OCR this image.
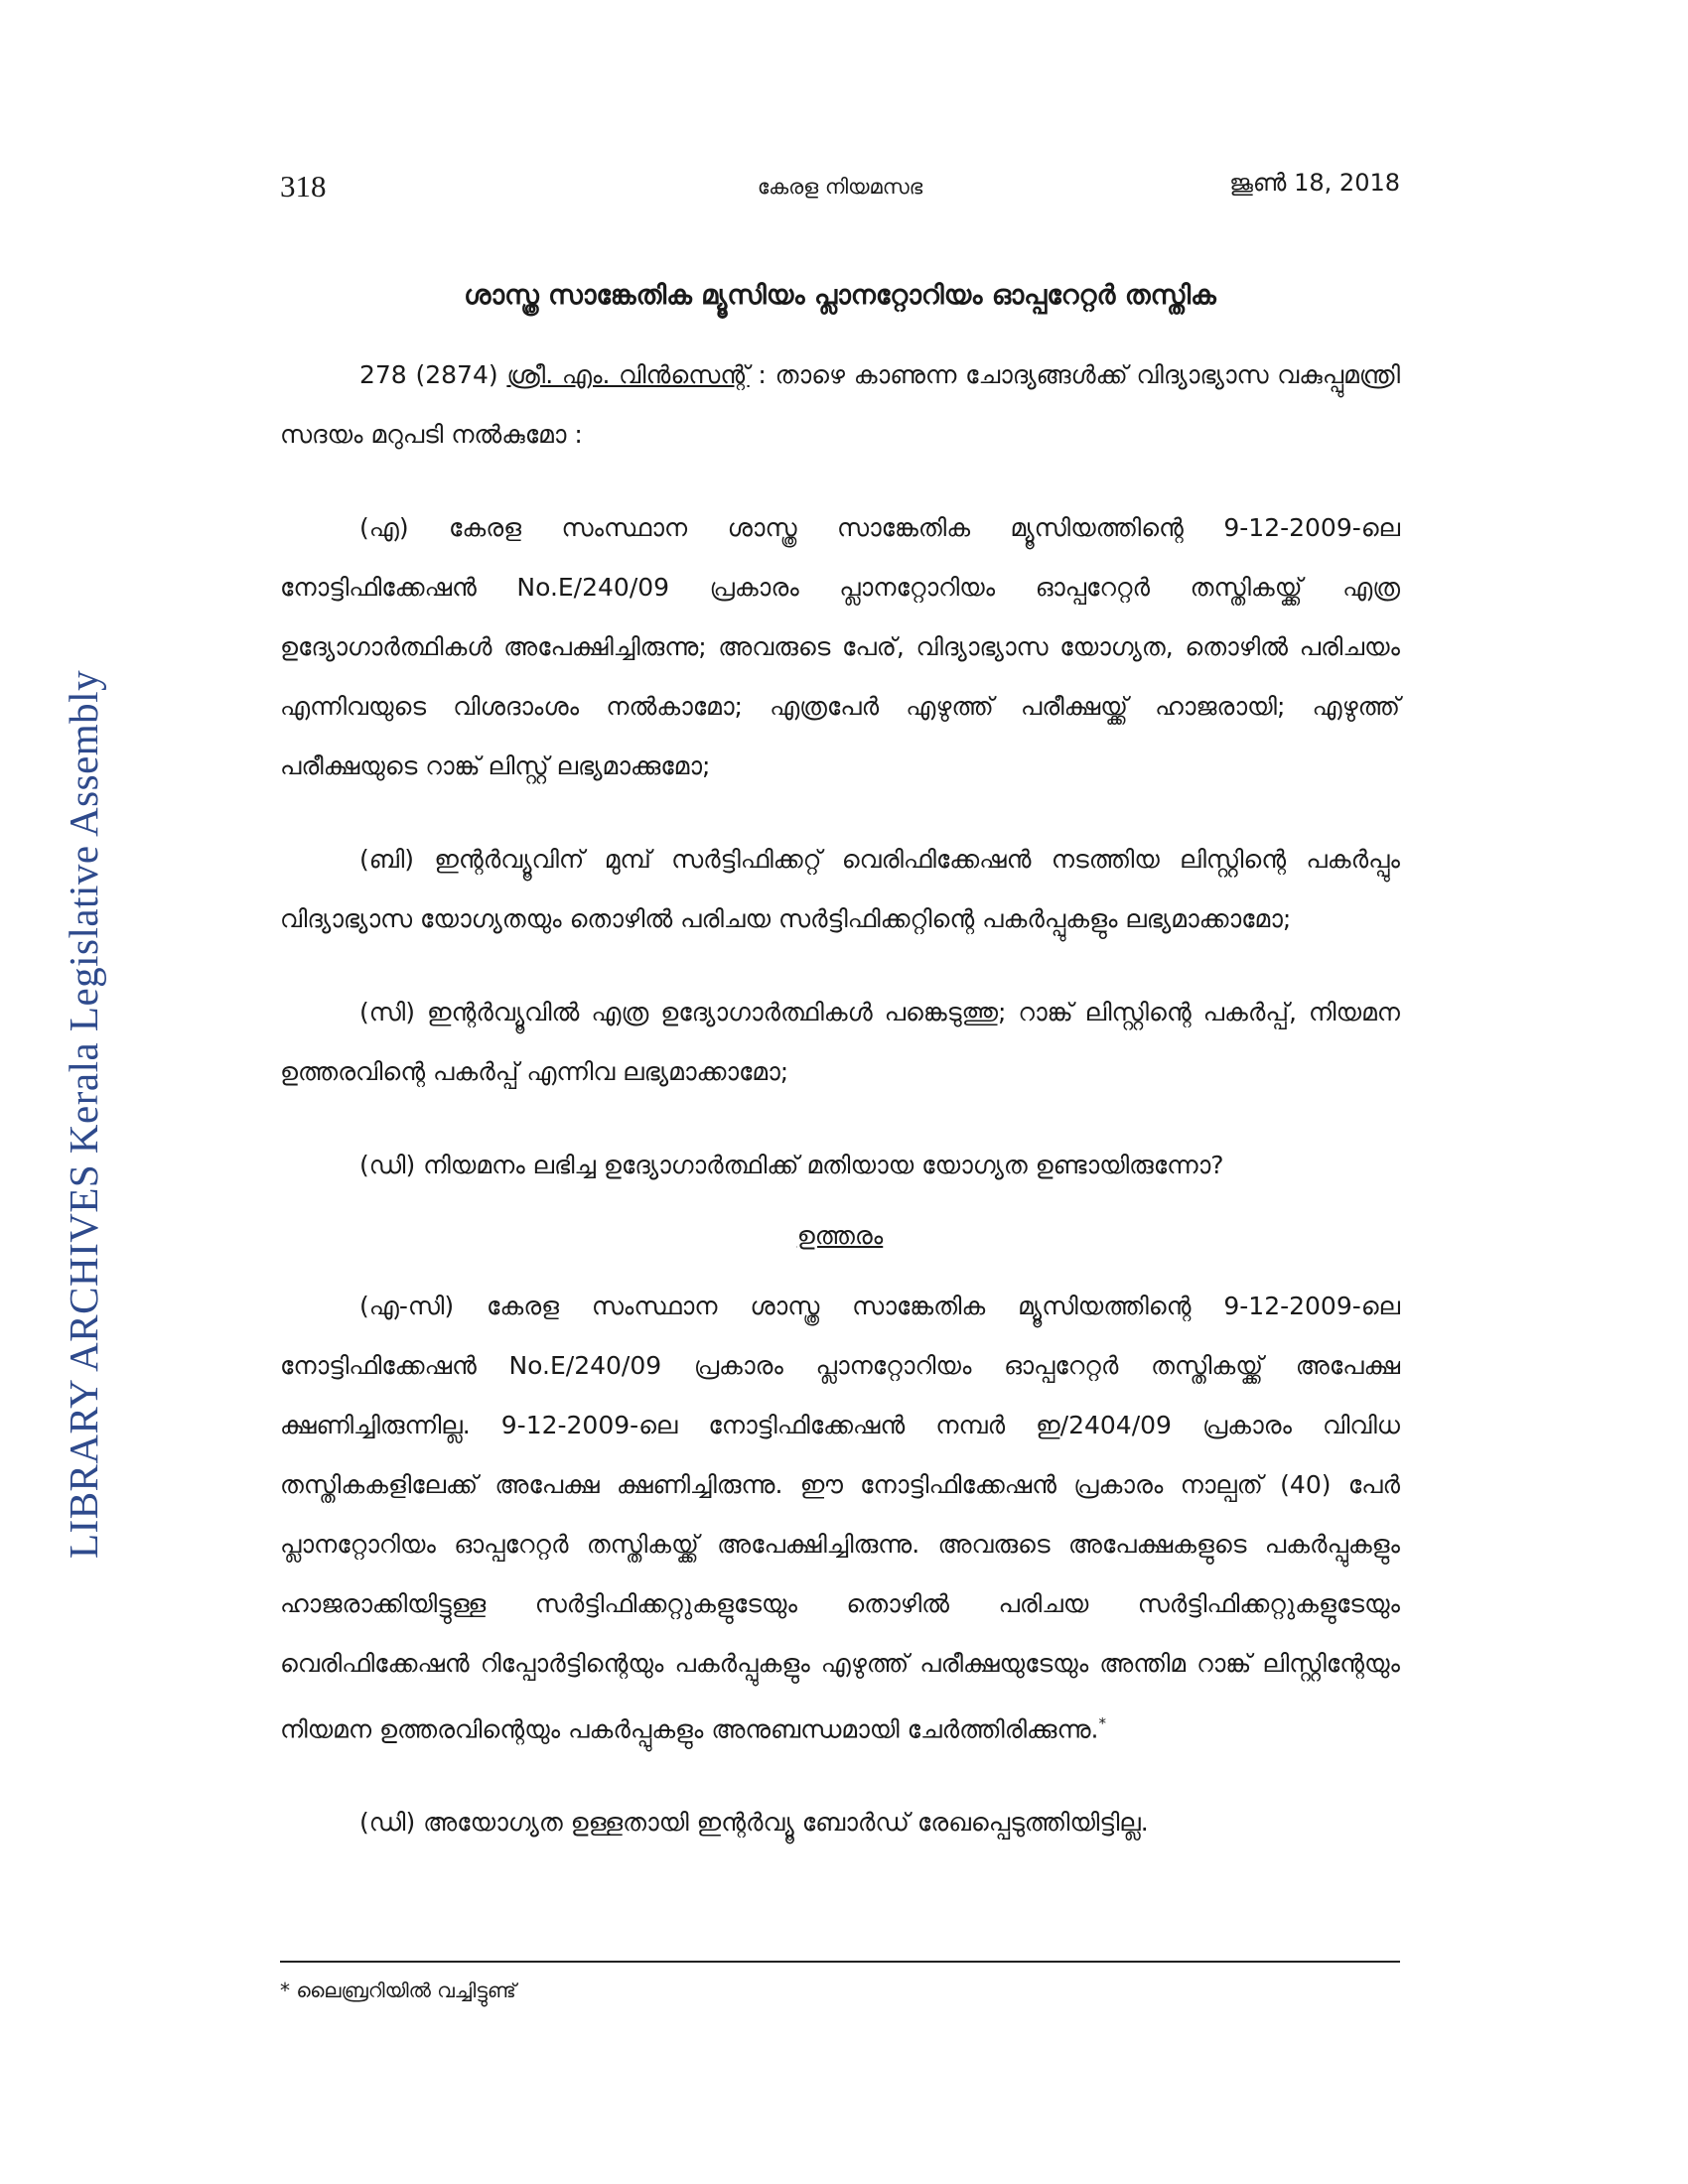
LIBRARY ARCHIVES Kerala Legislative Assembly
318	കേരള നിയമസഭ	ജൂൺ 18, 2018
ശാസ്ത്ര സാങ്കേതിക മ്യൂസിയം പ്ലാനറ്റോറിയം ഓപ്പറേറ്റർ തസ്തിക

278 (2874) ശ്രീ. എം. വിൻസെന്റ് : താഴെ കാണുന്ന ചോദ്യങ്ങൾക്ക് വിദ്യാഭ്യാസ വകുപ്പുമന്ത്രി സദയം മറുപടി നൽകുമോ :

(എ) കേരള സംസ്ഥാന ശാസ്ത്ര സാങ്കേതിക മ്യൂസിയത്തിന്റെ 9-12-2009-ലെ നോട്ടിഫിക്കേഷൻ No.E/240/09 പ്രകാരം പ്ലാനറ്റോറിയം ഓപ്പറേറ്റർ തസ്തികയ്ക്ക് എത്ര ഉദ്യോഗാർത്ഥികൾ അപേക്ഷിച്ചിരുന്നു; അവരുടെ പേര്, വിദ്യാഭ്യാസ യോഗ്യത, തൊഴിൽ പരിചയം എന്നിവയുടെ വിശദാംശം നൽകാമോ; എത്രപേർ എഴുത്ത് പരീക്ഷയ്ക്ക് ഹാജരായി; എഴുത്ത് പരീക്ഷയുടെ റാങ്ക് ലിസ്റ്റ് ലഭ്യമാക്കുമോ;

(ബി) ഇന്റർവ്യൂവിന് മുമ്പ് സർട്ടിഫിക്കറ്റ് വെരിഫിക്കേഷൻ നടത്തിയ ലിസ്റ്റിന്റെ പകർപ്പും വിദ്യാഭ്യാസ യോഗ്യതയും തൊഴിൽ പരിചയ സർട്ടിഫിക്കറ്റിന്റെ പകർപ്പുകളും ലഭ്യമാക്കാമോ;

(സി) ഇന്റർവ്യൂവിൽ എത്ര ഉദ്യോഗാർത്ഥികൾ പങ്കെടുത്തു; റാങ്ക് ലിസ്റ്റിന്റെ പകർപ്പ്, നിയമന ഉത്തരവിന്റെ പകർപ്പ് എന്നിവ ലഭ്യമാക്കാമോ;

(ഡി) നിയമനം ലഭിച്ച ഉദ്യോഗാർത്ഥിക്ക് മതിയായ യോഗ്യത ഉണ്ടായിരുന്നോ?

ഉത്തരം

(എ-സി) കേരള സംസ്ഥാന ശാസ്ത്ര സാങ്കേതിക മ്യൂസിയത്തിന്റെ 9-12-2009-ലെ നോട്ടിഫിക്കേഷൻ No.E/240/09 പ്രകാരം പ്ലാനറ്റോറിയം ഓപ്പറേറ്റർ തസ്തികയ്ക്ക് അപേക്ഷ ക്ഷണിച്ചിരുന്നില്ല. 9-12-2009-ലെ നോട്ടിഫിക്കേഷൻ നമ്പർ ഇ/2404/09 പ്രകാരം വിവിധ തസ്തികകളിലേക്ക് അപേക്ഷ ക്ഷണിച്ചിരുന്നു. ഈ നോട്ടിഫിക്കേഷൻ പ്രകാരം നാല്പത് (40) പേർ പ്ലാനറ്റോറിയം ഓപ്പറേറ്റർ തസ്തികയ്ക്ക് അപേക്ഷിച്ചിരുന്നു. അവരുടെ അപേക്ഷകളുടെ പകർപ്പുകളും ഹാജരാക്കിയിട്ടുള്ള സർട്ടിഫിക്കറ്റുകളുടേയും തൊഴിൽ പരിചയ സർട്ടിഫിക്കറ്റുകളുടേയും വെരിഫിക്കേഷൻ റിപ്പോർട്ടിന്റെയും പകർപ്പുകളും എഴുത്ത് പരീക്ഷയുടേയും അന്തിമ റാങ്ക് ലിസ്റ്റിന്റേയും നിയമന ഉത്തരവിന്റെയും പകർപ്പുകളും അനുബന്ധമായി ചേർത്തിരിക്കുന്നു.*

(ഡി) അയോഗ്യത ഉള്ളതായി ഇന്റർവ്യൂ ബോർഡ് രേഖപ്പെടുത്തിയിട്ടില്ല.

* ലൈബ്രറിയിൽ വച്ചിട്ടുണ്ട്
